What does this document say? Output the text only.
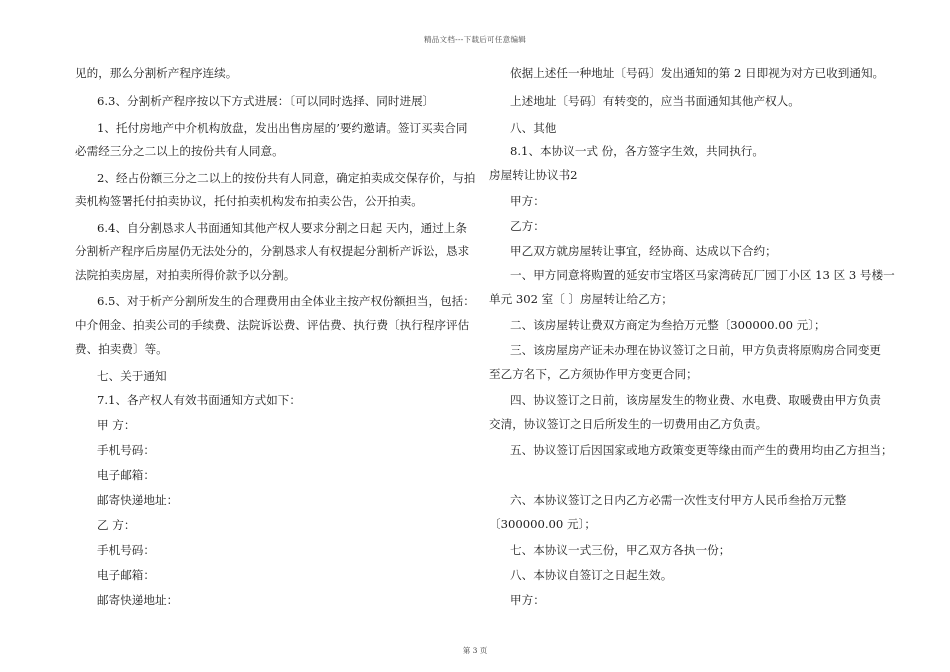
精品文档---下载后可任意编辑
见的，那么分割析产程序连续。
6.3、分割析产程序按以下方式进展：〔可以同时选择、同时进展〕
1、托付房地产中介机构放盘，发出出售房屋的’要约邀请。签订买卖合同
必需经三分之二以上的按份共有人同意。
2、经占份额三分之二以上的按份共有人同意，确定拍卖成交保存价，与拍
卖机构签署托付拍卖协议，托付拍卖机构发布拍卖公告，公开拍卖。
6.4、自分割恳求人书面通知其他产权人要求分割之日起 天内，通过上条
分割析产程序后房屋仍无法处分的，分割恳求人有权提起分割析产诉讼，恳求
法院拍卖房屋，对拍卖所得价款予以分割。
6.5、对于析产分割所发生的合理费用由全体业主按产权份额担当，包括：
中介佣金、拍卖公司的手续费、法院诉讼费、评估费、执行费〔执行程序评估
费、拍卖费〕等。
七、关于通知
7.1、各产权人有效书面通知方式如下：
甲 方：
手机号码：
电子邮箱：
邮寄快递地址：
乙 方：
手机号码：
电子邮箱：
邮寄快递地址：
依据上述任一种地址〔号码〕发出通知的第 2 日即视为对方已收到通知。
上述地址〔号码〕有转变的，应当书面通知其他产权人。
八、其他
8.1、本协议一式 份，各方签字生效，共同执行。
房屋转让协议书2
甲方：
乙方：
甲乙双方就房屋转让事宜，经协商、达成以下合约；
一、甲方同意将购置的延安市宝塔区马家湾砖瓦厂园丁小区 13 区 3 号楼一
单元 302 室〔 〕房屋转让给乙方；
二、该房屋转让费双方商定为叁拾万元整〔300000.00 元〕；
三、该房屋房产证未办理在协议签订之日前，甲方负责将原购房合同变更
至乙方名下，乙方须协作甲方变更合同；
四、协议签订之日前，该房屋发生的物业费、水电费、取暖费由甲方负责
交清，协议签订之日后所发生的一切费用由乙方负责。
五、协议签订后因国家或地方政策变更等缘由而产生的费用均由乙方担当；
六、本协议签订之日内乙方必需一次性支付甲方人民币叁拾万元整
〔300000.00 元〕；
七、本协议一式三份，甲乙双方各执一份；
八、本协议自签订之日起生效。
甲方：
第 3 页
